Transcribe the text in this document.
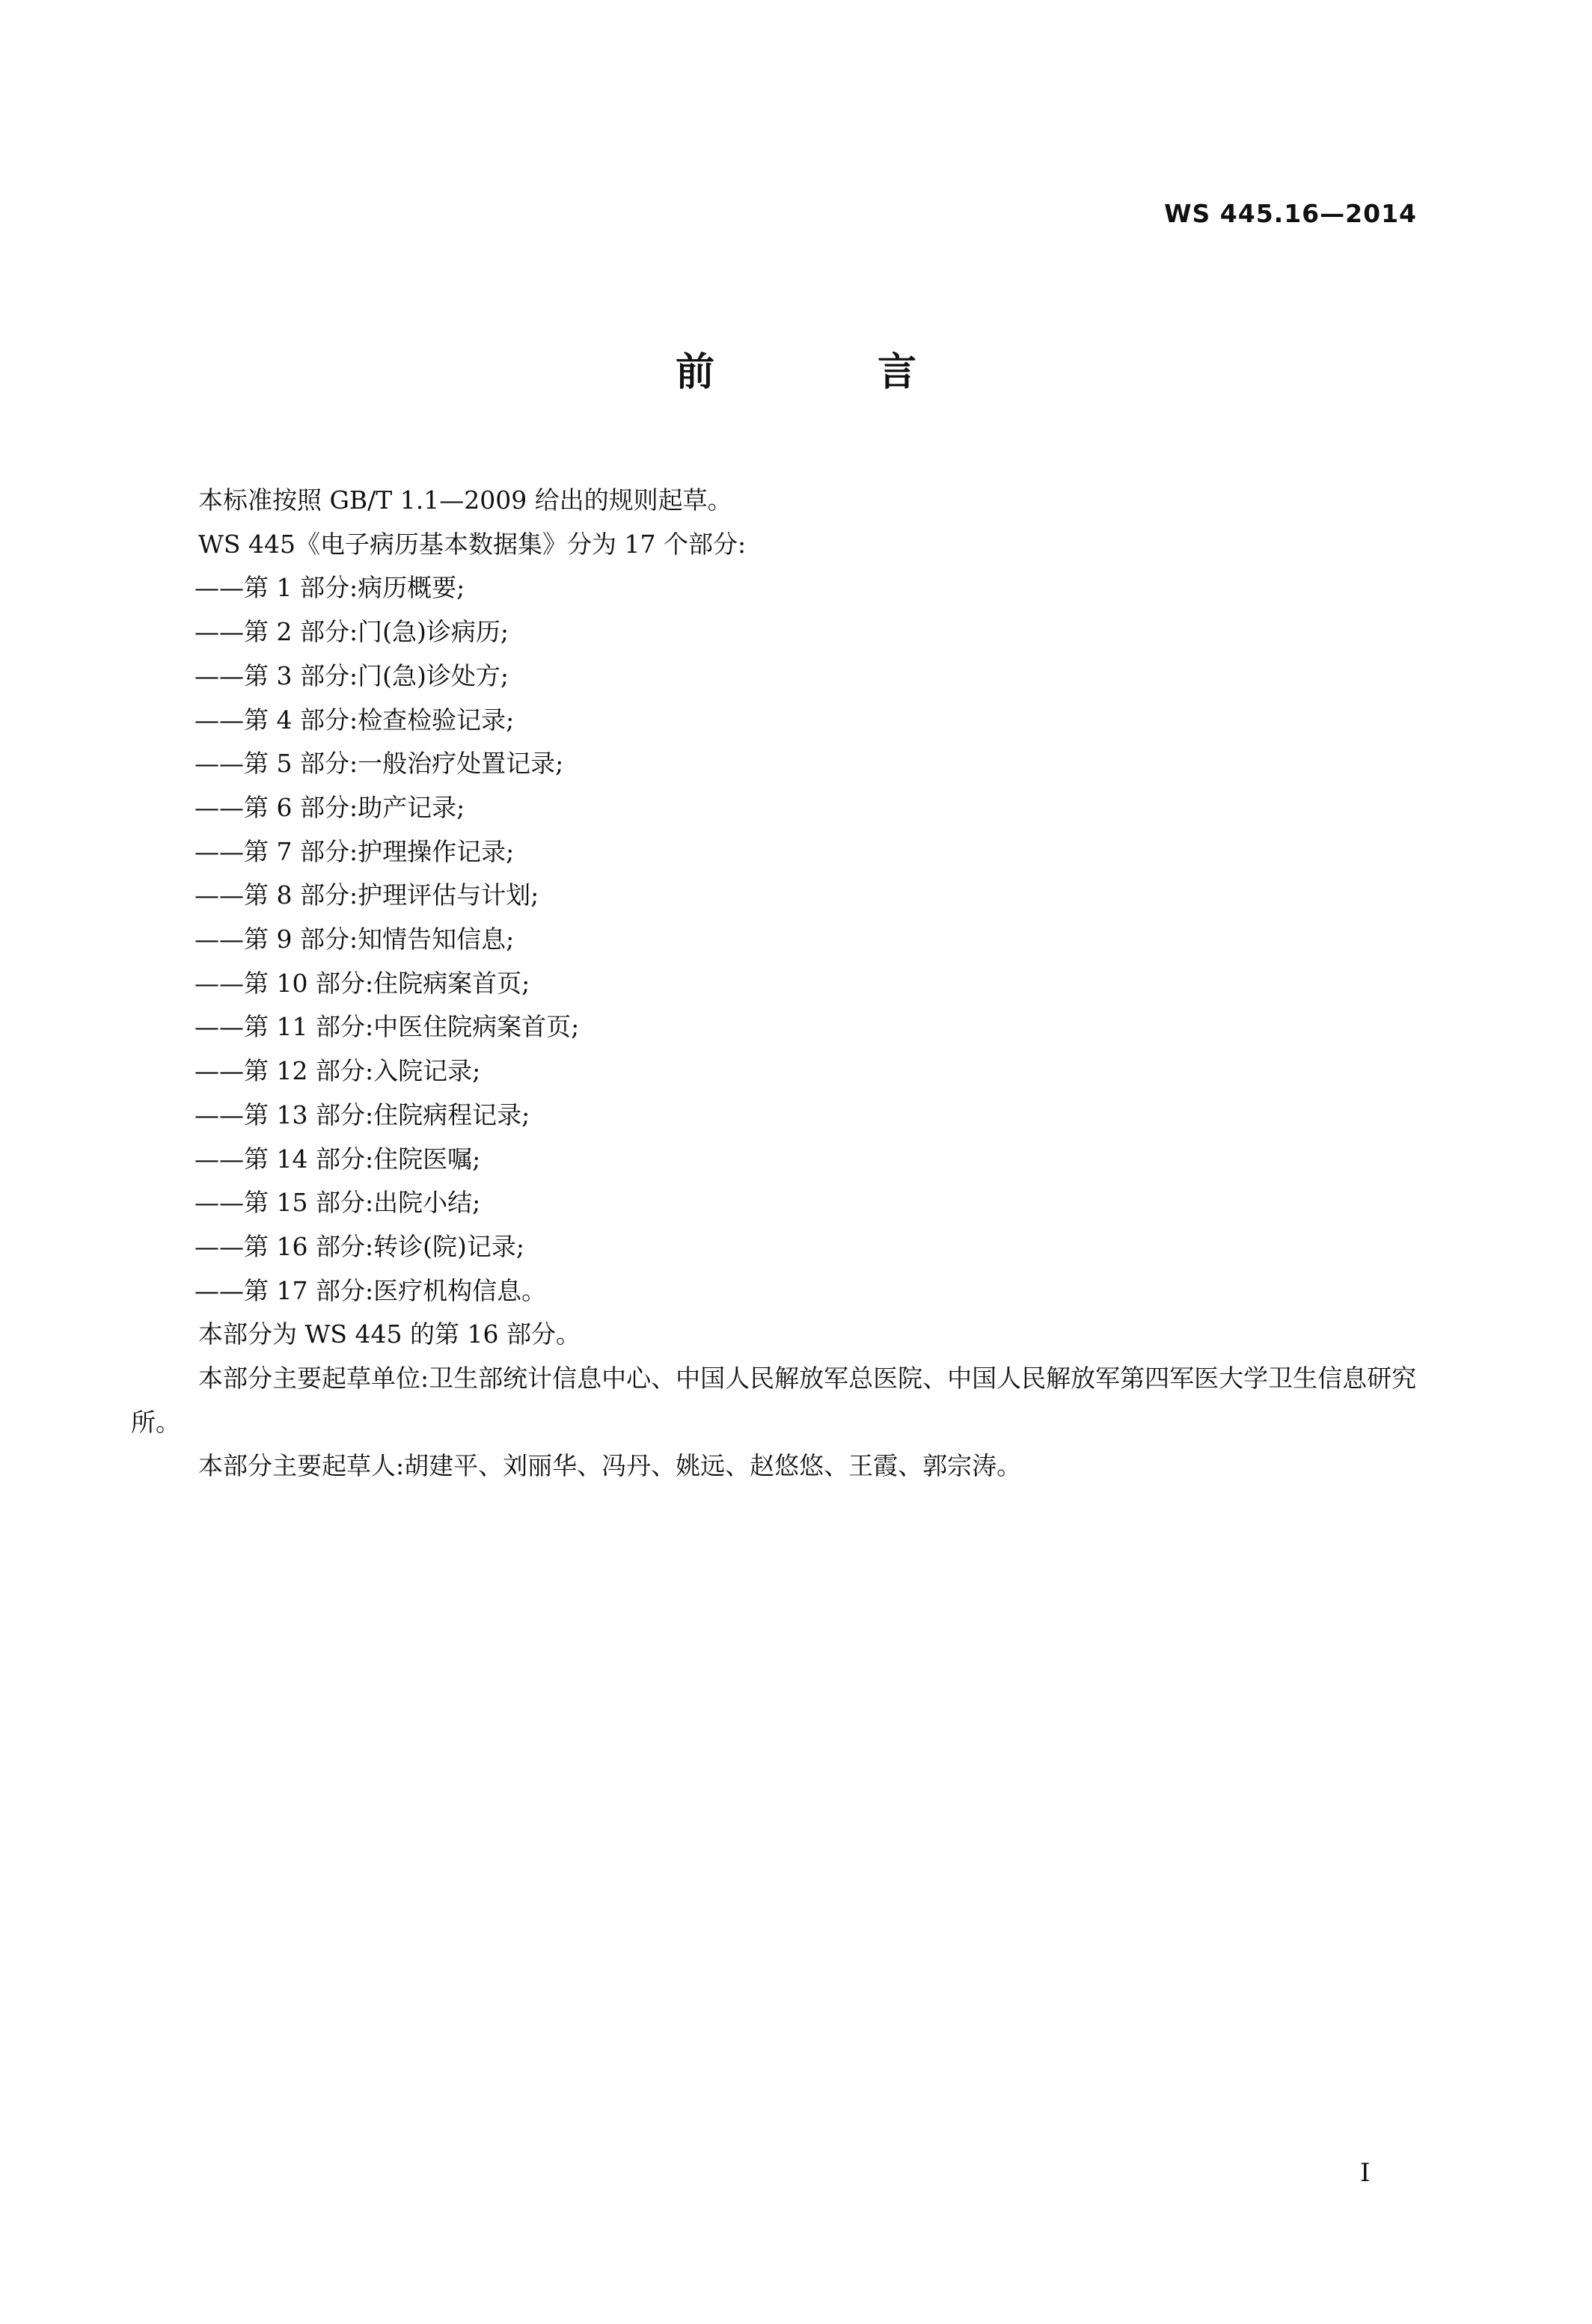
WS 445.16—2014
前 言

本标准按照 GB/T 1.1—2009 给出的规则起草。

WS 445《电子病历基本数据集》分为 17 个部分:

——第 1 部分:病历概要;

——第 2 部分:门(急)诊病历;

——第 3 部分:门(急)诊处方;

——第 4 部分:检查检验记录;

——第 5 部分:一般治疗处置记录;

——第 6 部分:助产记录;

——第 7 部分:护理操作记录;

——第 8 部分:护理评估与计划;

——第 9 部分:知情告知信息;

——第 10 部分:住院病案首页;

——第 11 部分:中医住院病案首页;

——第 12 部分:入院记录;

——第 13 部分:住院病程记录;

——第 14 部分:住院医嘱;

——第 15 部分:出院小结;

——第 16 部分:转诊(院)记录;

——第 17 部分:医疗机构信息。

本部分为 WS 445 的第 16 部分。

本部分主要起草单位:卫生部统计信息中心、中国人民解放军总医院、中国人民解放军第四军医大学卫生信息研究所。

本部分主要起草人:胡建平、刘丽华、冯丹、姚远、赵悠悠、王霞、郭宗涛。

I
